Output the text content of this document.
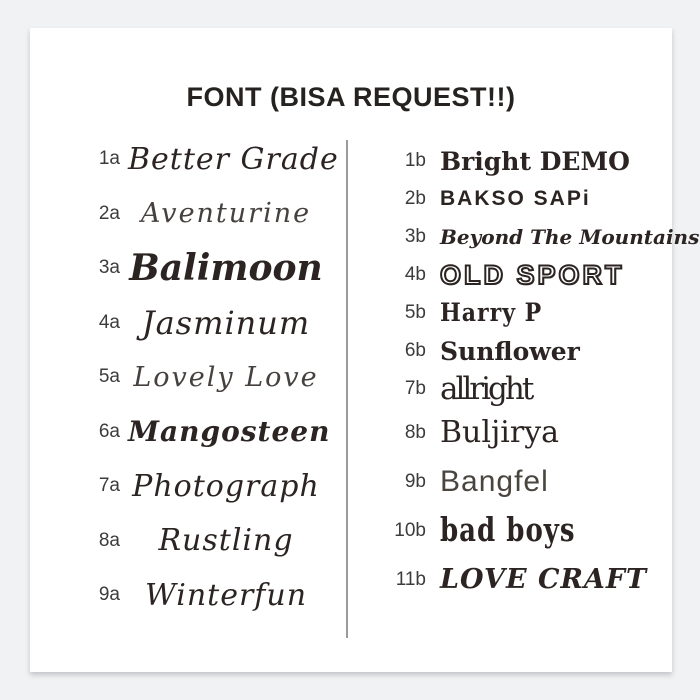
FONT (BISA REQUEST!!)
1a Better Grade
2a Aventurine
3a Balimoon
4a Jasminum
5a Lovely Love
6a Mangosteen
7a Photograph
8a	Rustling
9a Winterfun
1b Bright DEMO
2b BAKSO SAPi
3b Beyond The Mountains
4b OLD SPORT
5b Harry P
6b Sunflower
7b allright
8b Buljirya
9b Bangfel
10b bad boys
11b LOVE CRAFT
